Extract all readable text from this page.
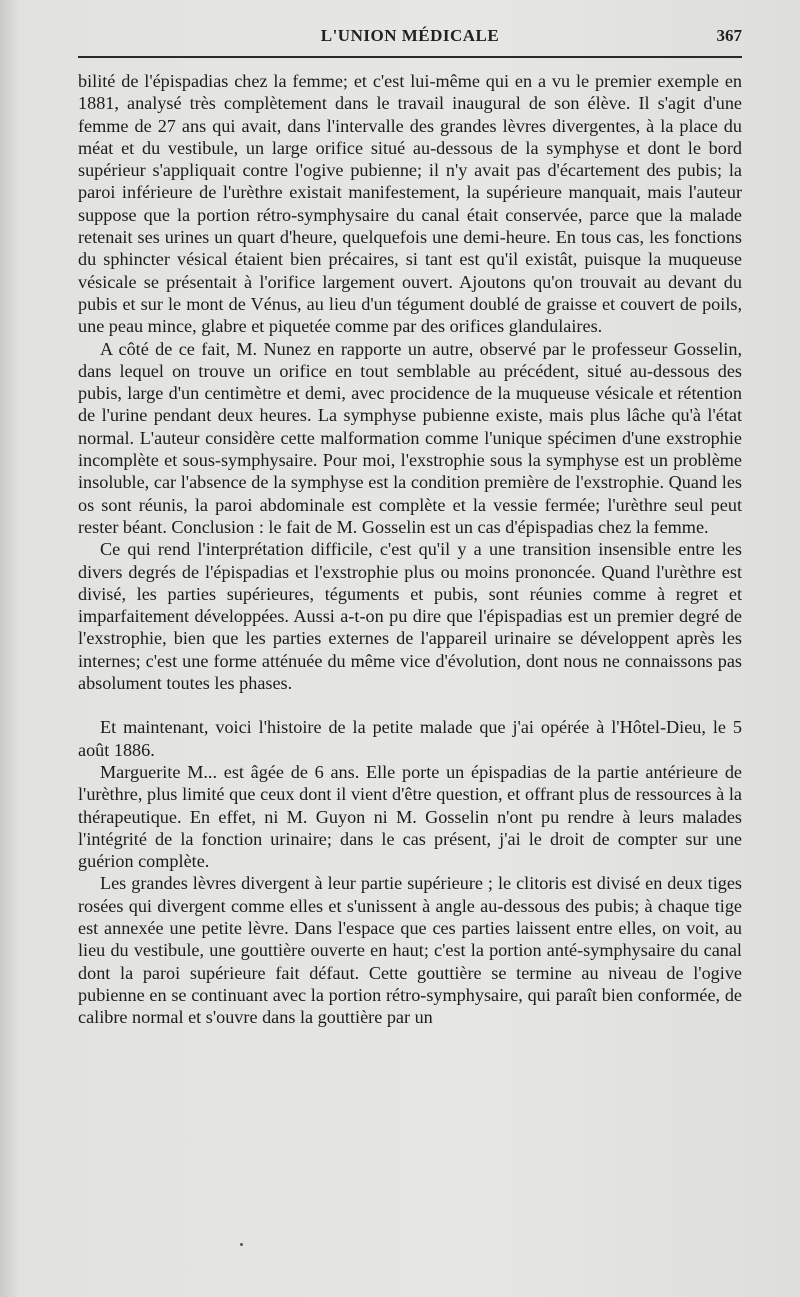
L'UNION MÉDICALE	367

bilité de l'épispadias chez la femme; et c'est lui-même qui en a vu le premier exemple en 1881, analysé très complètement dans le travail inaugural de son élève. Il s'agit d'une femme de 27 ans qui avait, dans l'intervalle des grandes lèvres divergentes, à la place du méat et du vestibule, un large orifice situé au-dessous de la symphyse et dont le bord supérieur s'appliquait contre l'ogive pubienne; il n'y avait pas d'écartement des pubis; la paroi inférieure de l'urèthre existait manifestement, la supérieure manquait, mais l'auteur suppose que la portion rétro-symphysaire du canal était conservée, parce que la malade retenait ses urines un quart d'heure, quelquefois une demi-heure. En tous cas, les fonctions du sphincter vésical étaient bien précaires, si tant est qu'il existât, puisque la muqueuse vésicale se présentait à l'orifice largement ouvert. Ajoutons qu'on trouvait au devant du pubis et sur le mont de Vénus, au lieu d'un tégument doublé de graisse et couvert de poils, une peau mince, glabre et piquetée comme par des orifices glandulaires.

A côté de ce fait, M. Nunez en rapporte un autre, observé par le professeur Gosselin, dans lequel on trouve un orifice en tout semblable au précédent, situé au-dessous des pubis, large d'un centimètre et demi, avec procidence de la muqueuse vésicale et rétention de l'urine pendant deux heures. La symphyse pubienne existe, mais plus lâche qu'à l'état normal. L'auteur considère cette malformation comme l'unique spécimen d'une exstrophie incomplète et sous-symphysaire. Pour moi, l'exstrophie sous la symphyse est un problème insoluble, car l'absence de la symphyse est la condition première de l'exstrophie. Quand les os sont réunis, la paroi abdominale est complète et la vessie fermée; l'urèthre seul peut rester béant. Conclusion : le fait de M. Gosselin est un cas d'épispadias chez la femme.

Ce qui rend l'interprétation difficile, c'est qu'il y a une transition insensible entre les divers degrés de l'épispadias et l'exstrophie plus ou moins prononcée. Quand l'urèthre est divisé, les parties supérieures, téguments et pubis, sont réunies comme à regret et imparfaitement développées. Aussi a-t-on pu dire que l'épispadias est un premier degré de l'exstrophie, bien que les parties externes de l'appareil urinaire se développent après les internes; c'est une forme atténuée du même vice d'évolution, dont nous ne connaissons pas absolument toutes les phases.

Et maintenant, voici l'histoire de la petite malade que j'ai opérée à l'Hôtel-Dieu, le 5 août 1886.

Marguerite M... est âgée de 6 ans. Elle porte un épispadias de la partie antérieure de l'urèthre, plus limité que ceux dont il vient d'être question, et offrant plus de ressources à la thérapeutique. En effet, ni M. Guyon ni M. Gosselin n'ont pu rendre à leurs malades l'intégrité de la fonction urinaire; dans le cas présent, j'ai le droit de compter sur une guérion complète.

Les grandes lèvres divergent à leur partie supérieure ; le clitoris est divisé en deux tiges rosées qui divergent comme elles et s'unissent à angle au-dessous des pubis; à chaque tige est annexée une petite lèvre. Dans l'espace que ces parties laissent entre elles, on voit, au lieu du vestibule, une gouttière ouverte en haut; c'est la portion anté-symphysaire du canal dont la paroi supérieure fait défaut. Cette gouttière se termine au niveau de l'ogive pubienne en se continuant avec la portion rétro-symphysaire, qui paraît bien conformée, de calibre normal et s'ouvre dans la gouttière par un
